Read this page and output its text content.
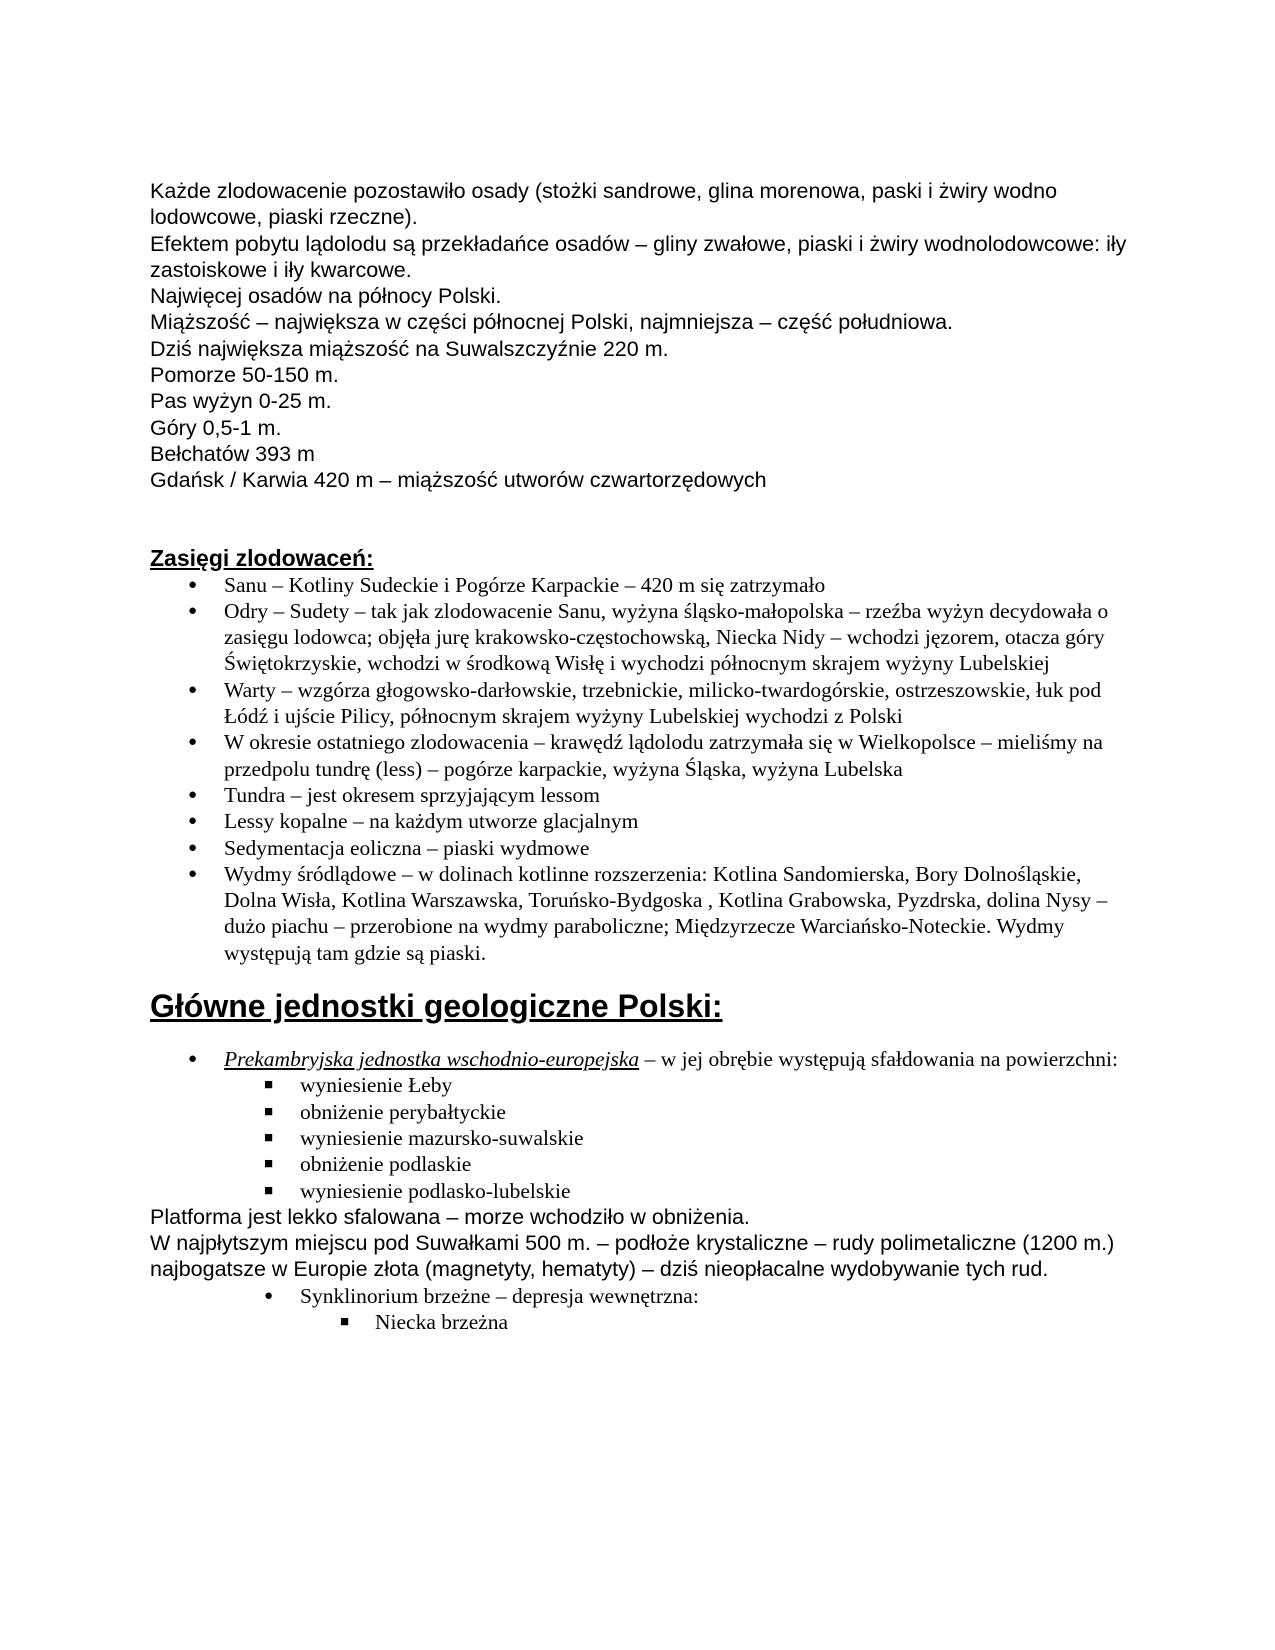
Każde zlodowacenie pozostawiło osady (stożki sandrowe, glina morenowa, paski i żwiry wodno lodowcowe, piaski rzeczne).

Efektem pobytu lądolodu są przekładańce osadów – gliny zwałowe, piaski i żwiry wodnolodowcowe: iły zastoiskowe i iły kwarcowe.

Najwięcej osadów na północy Polski.

Miąższość – największa w części północnej Polski, najmniejsza – część południowa.

Dziś największa miąższość na Suwalszczyźnie 220 m.

Pomorze 50-150 m.

Pas wyżyn 0-25 m.

Góry 0,5-1 m.

Bełchatów 393 m

Gdańsk / Karwia 420 m – miąższość utworów czwartorzędowych

Zasięgi zlodowaceń:
● Sanu – Kotliny Sudeckie i Pogórze Karpackie – 420 m się zatrzymało
● Odry – Sudety – tak jak zlodowacenie Sanu, wyżyna śląsko-małopolska – rzeźba wyżyn decydowała o zasięgu lodowca; objęła jurę krakowsko-częstochowską, Niecka Nidy – wchodzi jęzorem, otacza góry Świętokrzyskie, wchodzi w środkową Wisłę i wychodzi północnym skrajem wyżyny Lubelskiej
● Warty – wzgórza głogowsko-darłowskie, trzebnickie, milicko-twardogórskie, ostrzeszowskie, łuk pod Łódź i ujście Pilicy, północnym skrajem wyżyny Lubelskiej wychodzi z Polski
● W okresie ostatniego zlodowacenia – krawędź lądolodu zatrzymała się w Wielkopolsce – mieliśmy na przedpolu tundrę (less) – pogórze karpackie, wyżyna Śląska, wyżyna Lubelska
● Tundra – jest okresem sprzyjającym lessom
● Lessy kopalne – na każdym utworze glacjalnym
● Sedymentacja eoliczna – piaski wydmowe
● Wydmy śródlądowe – w dolinach kotlinne rozszerzenia: Kotlina Sandomierska, Bory Dolnośląskie, Dolna Wisła, Kotlina Warszawska, Toruńsko-Bydgoska , Kotlina Grabowska, Pyzdrska, dolina Nysy – dużo piachu – przerobione na wydmy paraboliczne; Międzyrzecze Warciańsko-Noteckie. Wydmy występują tam gdzie są piaski.
Główne jednostki geologiczne Polski:
● Prekambryjska jednostka wschodnio-europejska – w jej obrębie występują sfałdowania na powierzchni:
■ wyniesienie Łeby
■ obniżenie perybałtyckie
■ wyniesienie mazursko-suwalskie
■ obniżenie podlaskie
■ wyniesienie podlasko-lubelskie

Platforma jest lekko sfalowana – morze wchodziło w obniżenia.

W najpłytszym miejscu pod Suwałkami 500 m. – podłoże krystaliczne – rudy polimetaliczne (1200 m.) najbogatsze w Europie złota (magnetyty, hematyty) – dziś nieopłacalne wydobywanie tych rud.

● Synklinorium brzeżne – depresja wewnętrzna:
■ Niecka brzeżna
